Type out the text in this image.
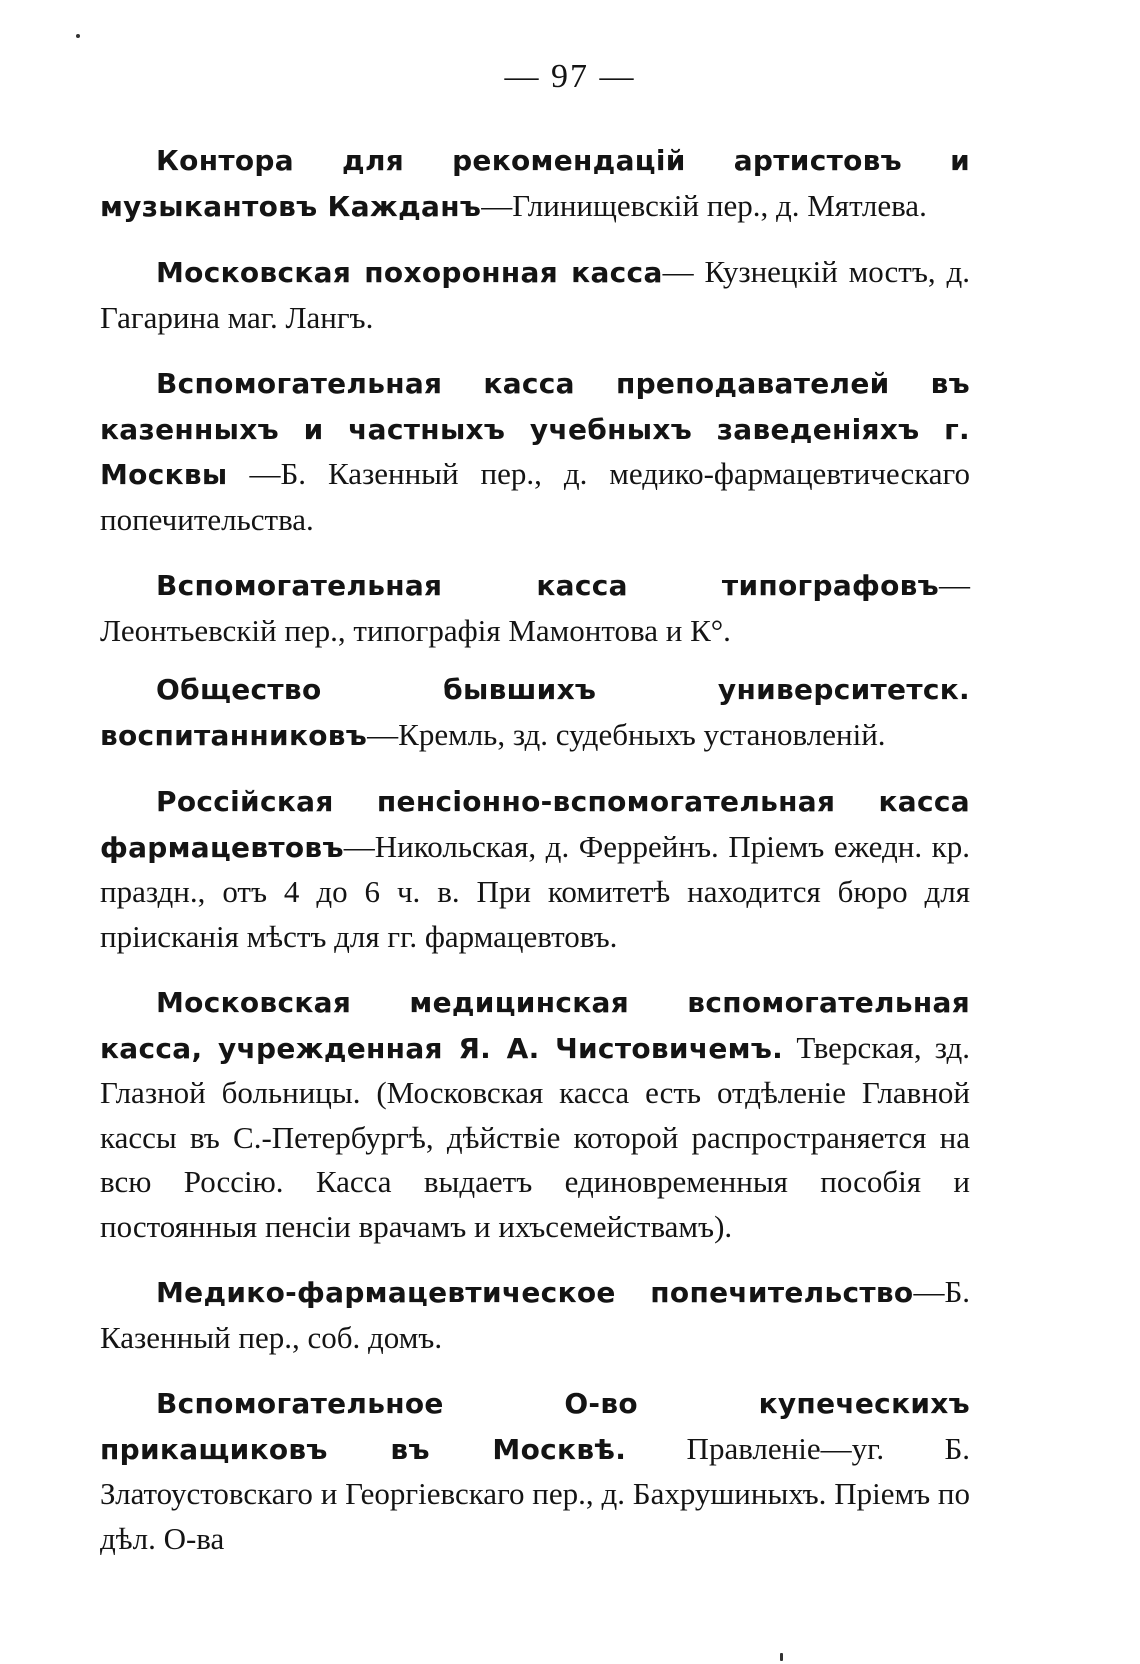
— 97 —

Контора для рекомендацій артистовъ и музыкантовъ Кажданъ—Глинищевскій пер., д. Мятлева.

Московская похоронная касса— Кузнецкій мостъ, д. Гагарина маг. Лангъ.

Вспомогательная касса преподавателей въ казенныхъ и частныхъ учебныхъ заведеніяхъ г. Москвы —Б. Казенный пер., д. медико-фармацевтическаго попечительства.

Вспомогательная касса типографовъ—Леонтьевскій пер., типографія Мамонтова и К°.

Общество бывшихъ университетск. воспитанниковъ—Кремль, зд. судебныхъ установленій.

Россійская пенсіонно-вспомогательная касса фармацевтовъ—Никольская, д. Феррейнъ. Пріемъ ежедн. кр. праздн., отъ 4 до 6 ч. в. При комитетѣ находится бюро для пріисканія мѣстъ для гг. фармацевтовъ.

Московская медицинская вспомогательная касса, учрежденная Я. А. Чистовичемъ. Тверская, зд. Глазной больницы. (Московская касса есть отдѣленіе Главной кассы въ С.-Петербургѣ, дѣйствіе которой распространяется на всю Россію. Касса выдаетъ единовременныя пособія и постоянныя пенсіи врачамъ и ихъсемействамъ).

Медико-фармацевтическое попечительство—Б. Казенный пер., соб. домъ.

Вспомогательное О-во купеческихъ прикащиковъ въ Москвѣ. Правленіе—уг. Б. Златоустовскаго и Георгіевскаго пер., д. Бахрушиныхъ. Пріемъ по дѣл. О-ва
